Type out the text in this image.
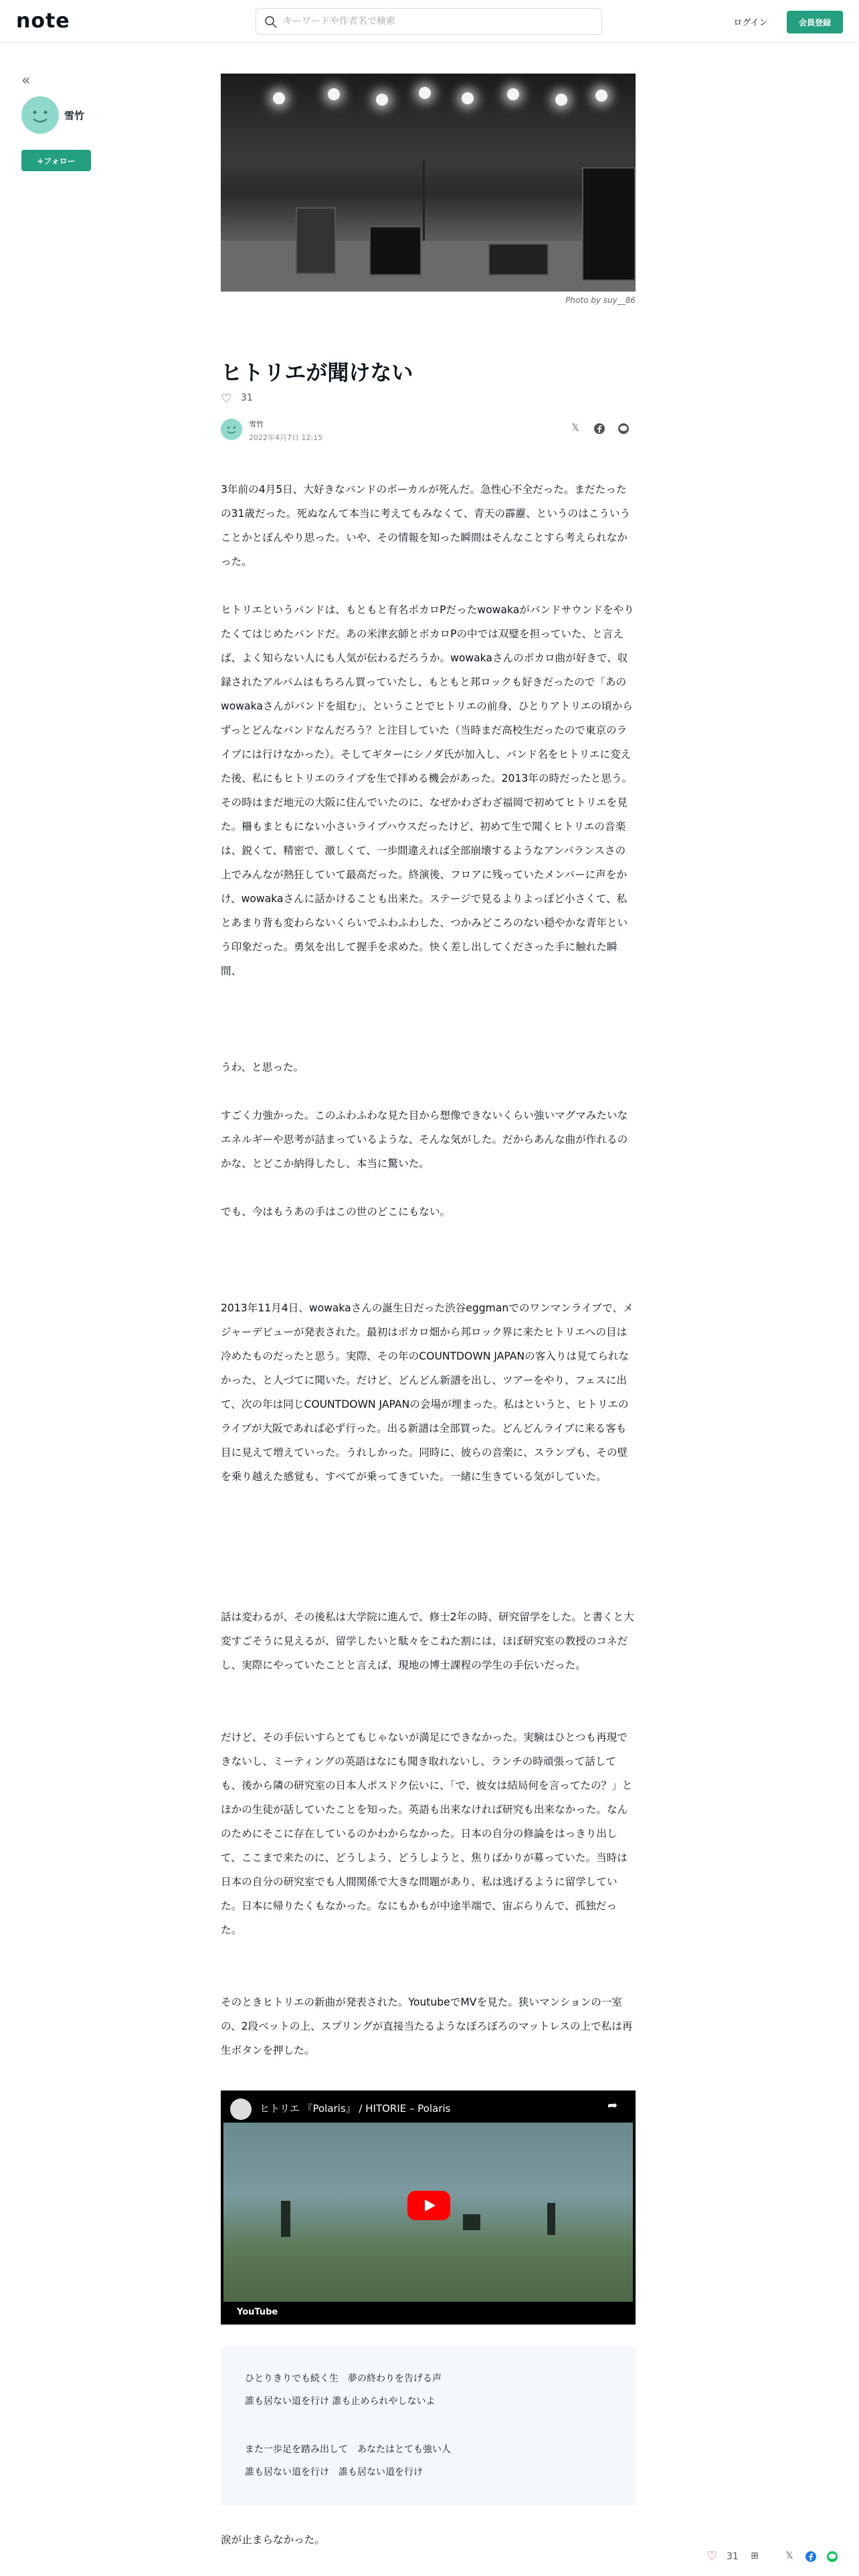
note
キーワードや作者名で検索	ログイン	会員登録
«
雪竹
+フォロー
Photo by suy__86
ヒトリエが聞けない
♡ 31
雪竹
2022年4月7日 12:15
𝕏

3年前の4月5日、大好きなバンドのボーカルが死んだ。急性心不全だった。まだたったの31歳だった。死ぬなんて本当に考えてもみなくて、青天の霹靂、というのはこういうことかとぼんやり思った。いや、その情報を知った瞬間はそんなことすら考えられなかった。

ヒトリエというバンドは、もともと有名ボカロPだったwowakaがバンドサウンドをやりたくてはじめたバンドだ。あの米津玄師とボカロPの中では双璧を担っていた、と言えば、よく知らない人にも人気が伝わるだろうか。wowakaさんのボカロ曲が好きで、収録されたアルバムはもちろん買っていたし、もともと邦ロックも好きだったので「あのwowakaさんがバンドを組む」、ということでヒトリエの前身、ひとりアトリエの頃からずっとどんなバンドなんだろう？と注目していた（当時まだ高校生だったので東京のライブには行けなかった）。そしてギターにシノダ氏が加入し、バンド名をヒトリエに変えた後、私にもヒトリエのライブを生で拝める機会があった。2013年の時だったと思う。その時はまだ地元の大阪に住んでいたのに、なぜかわざわざ福岡で初めてヒトリエを見た。柵もまともにない小さいライブハウスだったけど、初めて生で聞くヒトリエの音楽は、鋭くて、精密で、激しくて、一歩間違えれば全部崩壊するようなアンバランスさの上でみんなが熱狂していて最高だった。終演後、フロアに残っていたメンバーに声をかけ、wowakaさんに話かけることも出来た。ステージで見るよりよっぽど小さくて、私とあまり背も変わらないくらいでふわふわした、つかみどころのない穏やかな青年という印象だった。勇気を出して握手を求めた。快く差し出してくださった手に触れた瞬間、

うわ、と思った。

すごく力強かった。このふわふわな見た目から想像できないくらい強いマグマみたいなエネルギーや思考が詰まっているような、そんな気がした。だからあんな曲が作れるのかな、とどこか納得したし、本当に驚いた。

でも、今はもうあの手はこの世のどこにもない。

2013年11月4日、wowakaさんの誕生日だった渋谷eggmanでのワンマンライブで、メジャーデビューが発表された。最初はボカロ畑から邦ロック界に来たヒトリエへの目は冷めたものだったと思う。実際、その年のCOUNTDOWN JAPANの客入りは見てられなかった、と人づてに聞いた。だけど、どんどん新譜を出し、ツアーをやり、フェスに出て、次の年は同じCOUNTDOWN JAPANの会場が埋まった。私はというと、ヒトリエのライブが大阪であれば必ず行った。出る新譜は全部買った。どんどんライブに来る客も目に見えて増えていった。うれしかった。同時に、彼らの音楽に、スランプも、その壁を乗り越えた感覚も、すべてが乗ってきていた。一緒に生きている気がしていた。

話は変わるが、その後私は大学院に進んで、修士2年の時、研究留学をした。と書くと大変すごそうに見えるが、留学したいと駄々をこねた割には、ほぼ研究室の教授のコネだし、実際にやっていたことと言えば、現地の博士課程の学生の手伝いだった。

だけど、その手伝いすらとてもじゃないが満足にできなかった。実験はひとつも再現できないし、ミーティングの英語はなにも聞き取れないし、ランチの時頑張って話しても、後から隣の研究室の日本人ポスドク伝いに、「で、彼女は結局何を言ってたの？」とほかの生徒が話していたことを知った。英語も出来なければ研究も出来なかった。なんのためにそこに存在しているのかわからなかった。日本の自分の修論をはっきり出して、ここまで来たのに、どうしよう、どうしようと、焦りばかりが募っていた。当時は日本の自分の研究室でも人間関係で大きな問題があり、私は逃げるように留学していた。日本に帰りたくもなかった。なにもかもが中途半端で、宙ぶらりんで、孤独だった。

そのときヒトリエの新曲が発表された。YoutubeでMVを見た。狭いマンションの一室の、2段ベットの上、スプリングが直接当たるようなぼろぼろのマットレスの上で私は再生ボタンを押した。

ヒトリエ 『Polaris』 / HITORIE – Polaris	➦
YouTube
ひとりきりでも続く生　夢の終わりを告げる声
誰も居ない道を行け 誰も止められやしないよ
また一歩足を踏み出して　あなたはとても強い人
誰も居ない道を行け　誰も居ない道を行け

涙が止まらなかった。

♡ 31 ⊞	𝕏
